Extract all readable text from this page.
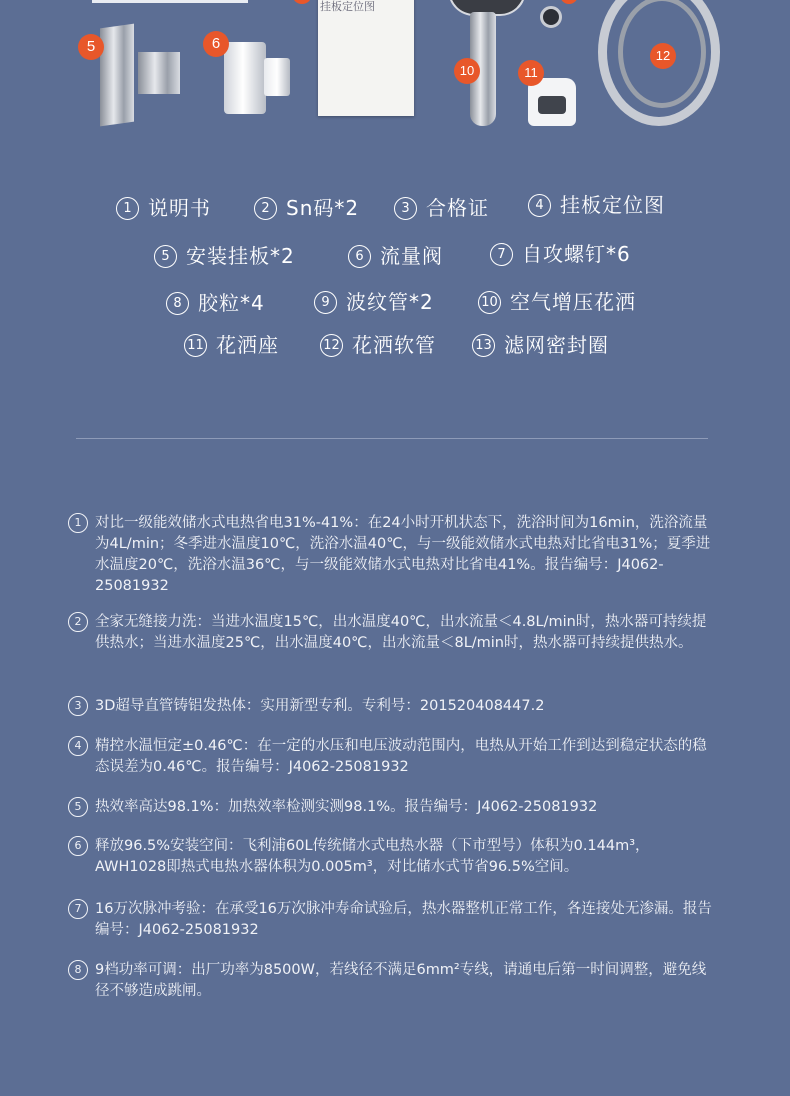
5	6
挂板定位图
10	11
12
1 说明书	2 Sn码*2	3 合格证	4 挂板定位图
5 安装挂板*2	6 流量阀	7 自攻螺钉*6
8 胶粒*4	9 波纹管*2	10 空气增压花洒
11 花洒座	12 花洒软管	13 滤网密封圈
1 对比一级能效储水式电热省电31%-41%：在24小时开机状态下，洗浴时间为16min，洗浴流量为4L/min；冬季进水温度10℃，洗浴水温40℃，与一级能效储水式电热对比省电31%；夏季进水温度20℃，洗浴水温36℃，与一级能效储水式电热对比省电41%。报告编号：J4062-25081932
2 全家无缝接力洗：当进水温度15℃，出水温度40℃，出水流量＜4.8L/min时，热水器可持续提供热水；当进水温度25℃，出水温度40℃，出水流量＜8L/min时，热水器可持续提供热水。
3 3D超导直管铸铝发热体：实用新型专利。专利号：201520408447.2
4 精控水温恒定±0.46℃：在一定的水压和电压波动范围内，电热从开始工作到达到稳定状态的稳态误差为0.46℃。报告编号：J4062-25081932
5 热效率高达98.1%：加热效率检测实测98.1%。报告编号：J4062-25081932
6 释放96.5%安装空间：飞利浦60L传统储水式电热水器（下市型号）体积为0.144m³，AWH1028即热式电热水器体积为0.005m³，对比储水式节省96.5%空间。
7 16万次脉冲考验：在承受16万次脉冲寿命试验后，热水器整机正常工作，各连接处无渗漏。报告编号：J4062-25081932
8 9档功率可调：出厂功率为8500W，若线径不满足6mm²专线，请通电后第一时间调整，避免线径不够造成跳闸。
